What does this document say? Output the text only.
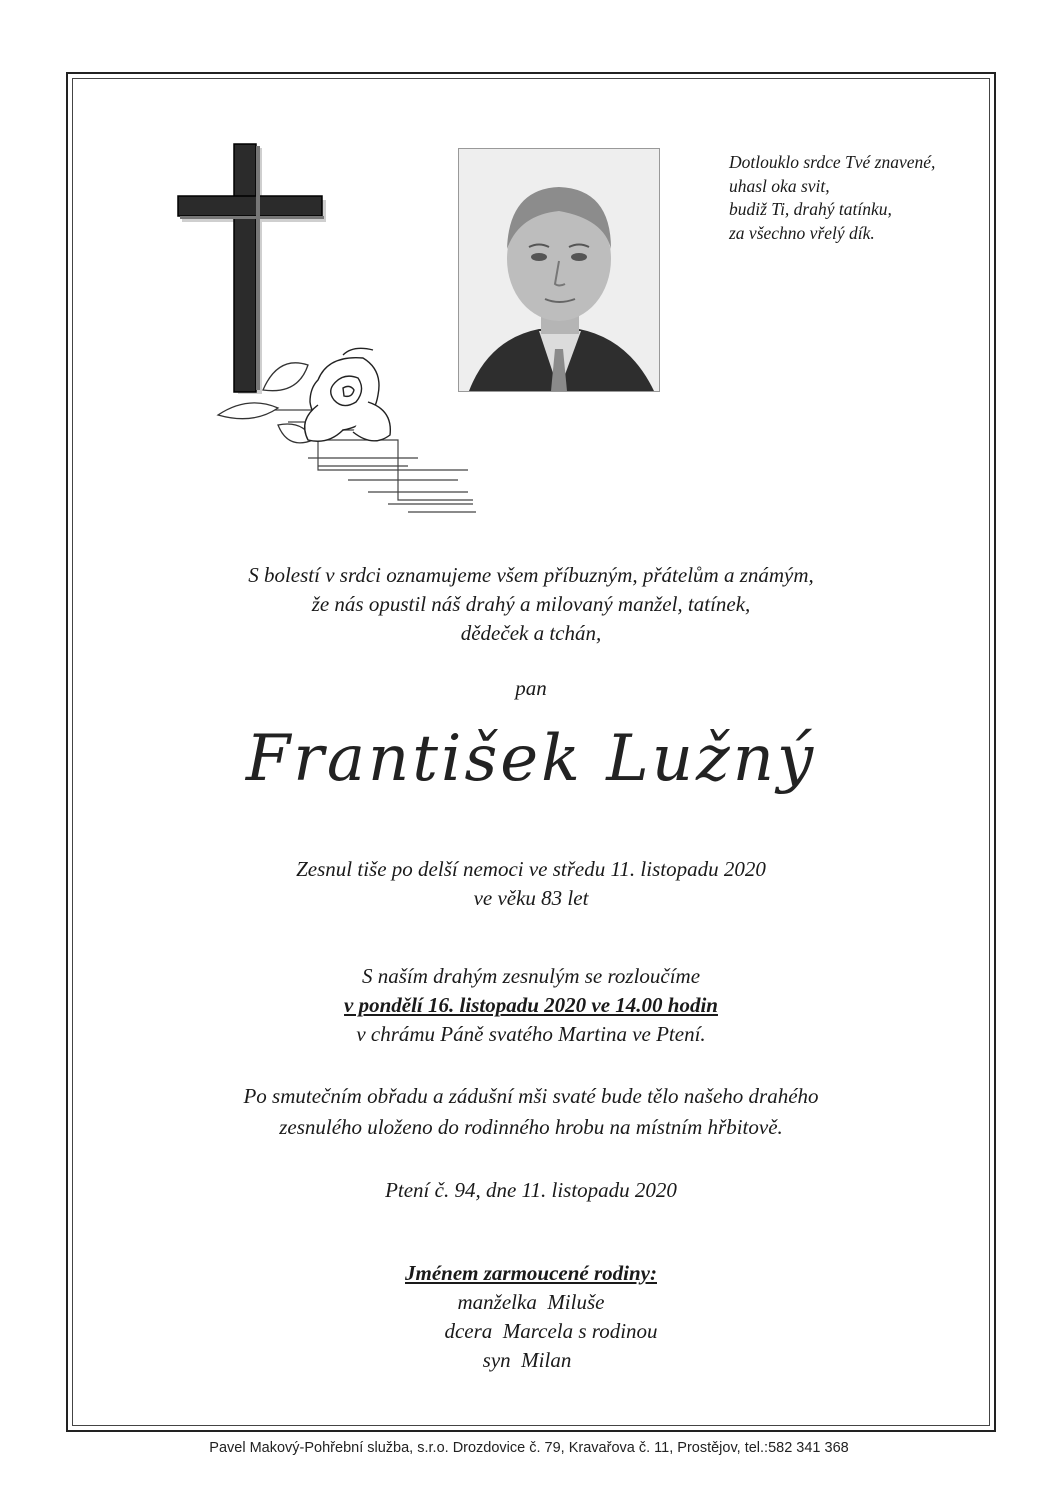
Dotlouklo srdce Tvé znavené,
uhasl oka svit,
budiž Ti, drahý tatínku,
za všechno vřelý dík.
S bolestí v srdci oznamujeme všem příbuzným, přátelům a známým,
že nás opustil náš drahý a milovaný manžel, tatínek,
dědeček a tchán,
pan
František Lužný
Zesnul tiše po delší nemoci ve středu 11. listopadu 2020
ve věku 83 let
S naším drahým zesnulým se rozloučíme
v pondělí 16. listopadu 2020 ve 14.00 hodin
v chrámu Páně svatého Martina ve Ptení.
Po smutečním obřadu a zádušní mši svaté bude tělo našeho drahého
zesnulého uloženo do rodinného hrobu na místním hřbitově.
Ptení č. 94, dne 11. listopadu 2020
Jménem zarmoucené rodiny:
manželka  Miluše
dcera  Marcela s rodinou
syn  Milan
Pavel Makový-Pohřební služba, s.r.o. Drozdovice č. 79, Kravařova č. 11, Prostějov, tel.:582 341 368
